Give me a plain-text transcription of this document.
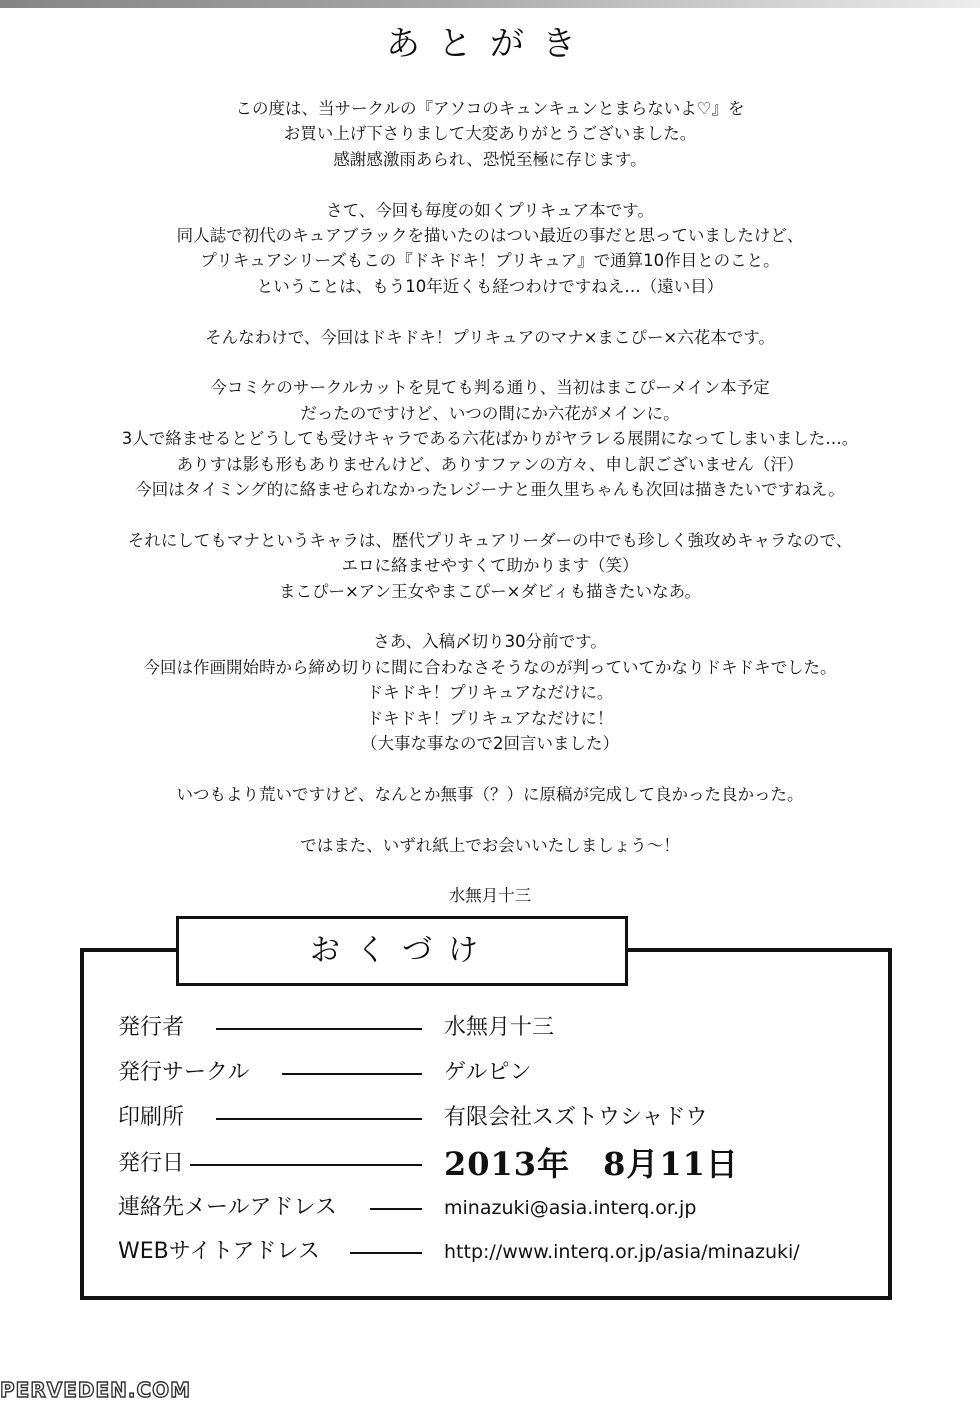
あとがき
この度は、当サークルの『アソコのキュンキュンとまらないよ♡』を
お買い上げ下さりまして大変ありがとうございました。
感謝感激雨あられ、恐悦至極に存じます。
さて、今回も毎度の如くプリキュア本です。
同人誌で初代のキュアブラックを描いたのはつい最近の事だと思っていましたけど、
プリキュアシリーズもこの『ドキドキ！プリキュア』で通算10作目とのこと。
ということは、もう10年近くも経つわけですねえ…（遠い目）
そんなわけで、今回はドキドキ！プリキュアのマナ×まこぴー×六花本です。
今コミケのサークルカットを見ても判る通り、当初はまこぴーメイン本予定
だったのですけど、いつの間にか六花がメインに。
3人で絡ませるとどうしても受けキャラである六花ばかりがヤラレる展開になってしまいました…。
ありすは影も形もありませんけど、ありすファンの方々、申し訳ございません（汗）
今回はタイミング的に絡ませられなかったレジーナと亜久里ちゃんも次回は描きたいですねえ。
それにしてもマナというキャラは、歴代プリキュアリーダーの中でも珍しく強攻めキャラなので、
エロに絡ませやすくて助かります（笑）
まこぴー×アン王女やまこぴー×ダビィも描きたいなあ。
さあ、入稿〆切り30分前です。
今回は作画開始時から締め切りに間に合わなさそうなのが判っていてかなりドキドキでした。
ドキドキ！プリキュアなだけに。
ドキドキ！プリキュアなだけに！
（大事な事なので2回言いました）
いつもより荒いですけど、なんとか無事（？）に原稿が完成して良かった良かった。
ではまた、いずれ紙上でお会いいたしましょう～！
水無月十三
おくづけ
発行者	水無月十三
発行サークル	ゲルピン
印刷所	有限会社スズトウシャドウ
発行日	2013年　8月11日
連絡先メールアドレス	minazuki@asia.interq.or.jp
WEBサイトアドレス	http://www.interq.or.jp/asia/minazuki/
PERVEDEN.COM
